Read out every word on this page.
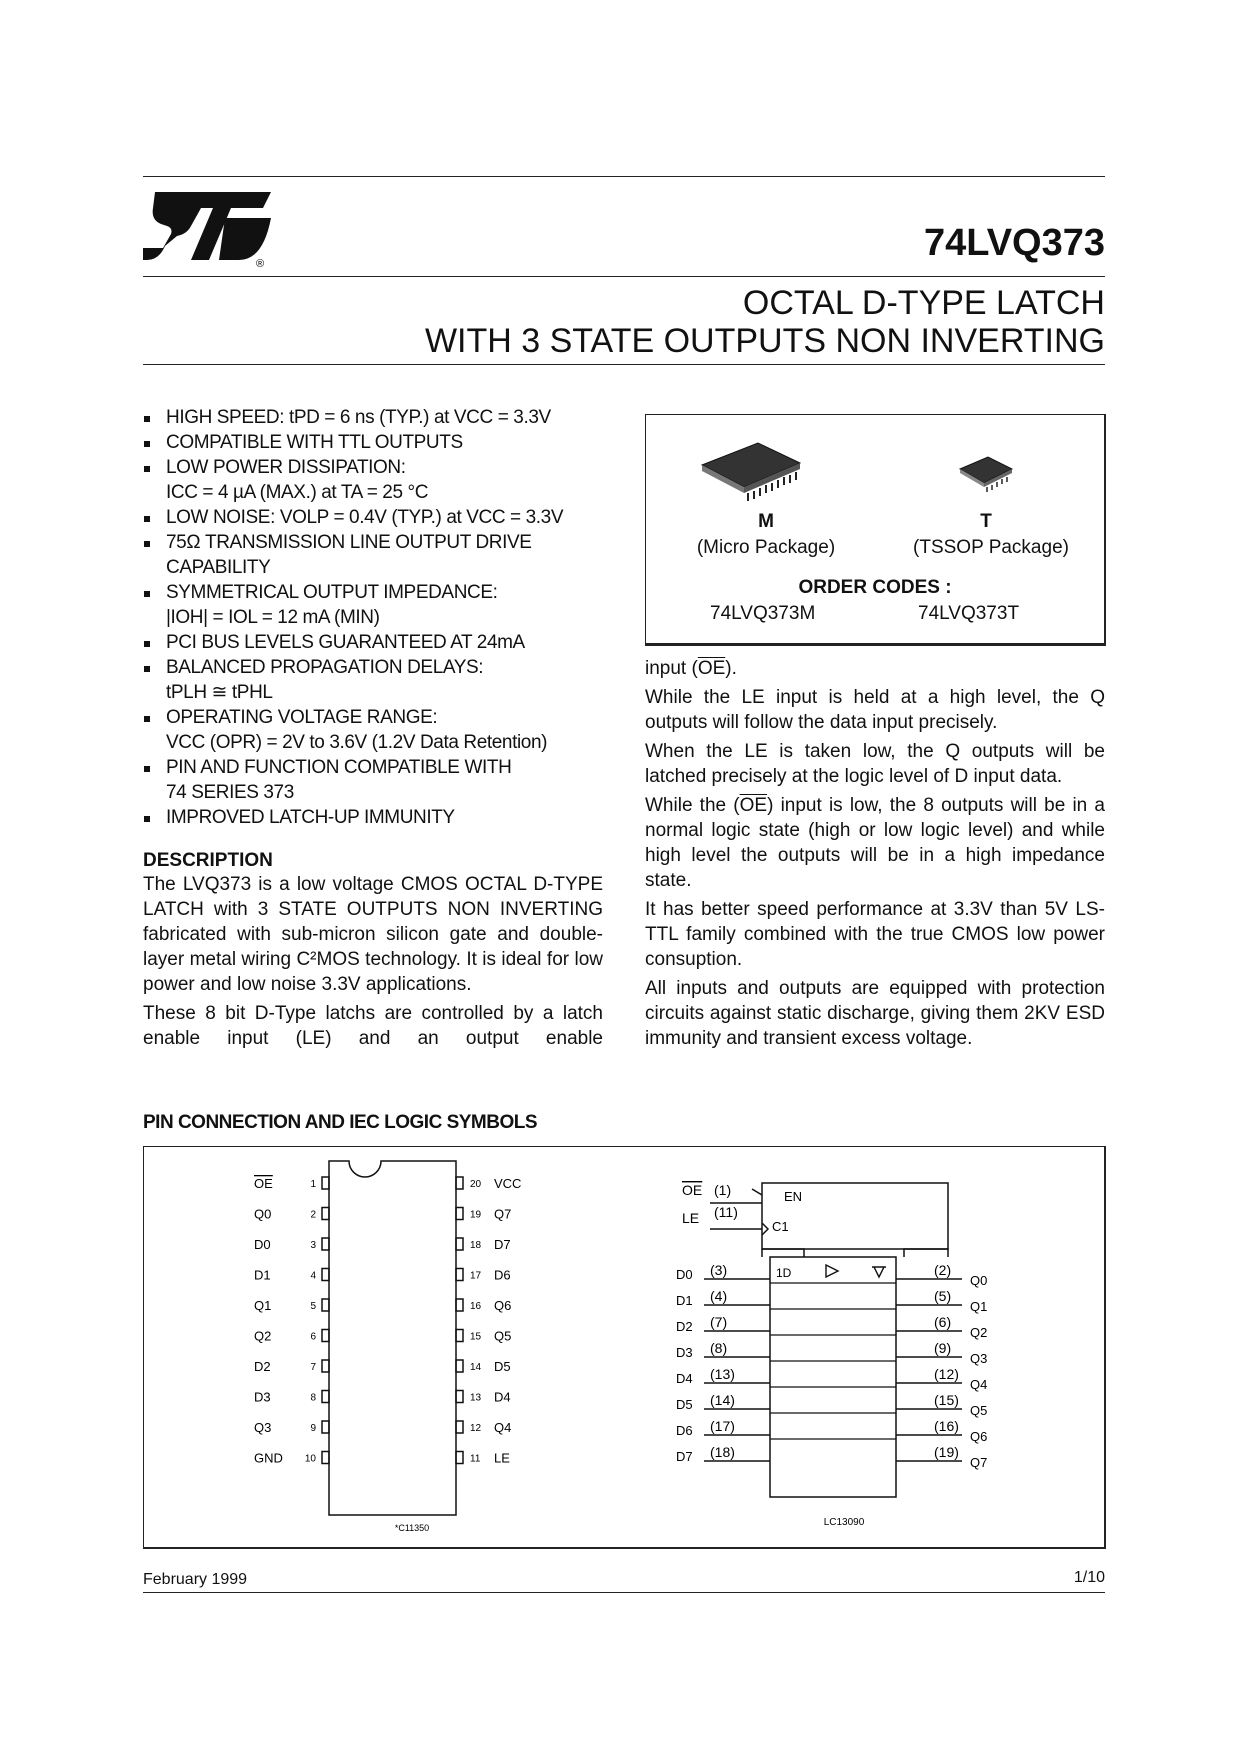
®	74LVQ373
OCTAL D-TYPE LATCH
WITH 3 STATE OUTPUTS NON INVERTING
HIGH SPEED: tPD = 6 ns (TYP.) at VCC = 3.3V
COMPATIBLE WITH TTL OUTPUTS
LOW POWER DISSIPATION:
ICC = 4 µA (MAX.) at TA = 25 °C
LOW NOISE: VOLP = 0.4V (TYP.) at VCC = 3.3V
75Ω TRANSMISSION LINE OUTPUT DRIVE
CAPABILITY
SYMMETRICAL OUTPUT IMPEDANCE:
|IOH| = IOL = 12 mA (MIN)
PCI BUS LEVELS GUARANTEED AT 24mA
BALANCED PROPAGATION DELAYS:
tPLH ≅ tPHL
OPERATING VOLTAGE RANGE:
VCC (OPR) = 2V to 3.6V (1.2V Data Retention)
PIN AND FUNCTION COMPATIBLE WITH
74 SERIES 373
IMPROVED LATCH-UP IMMUNITY
M
(Micro Package)
T
(TSSOP Package)
ORDER CODES :
74LVQ373M	74LVQ373T
DESCRIPTION

The LVQ373 is a low voltage CMOS OCTAL D-TYPE LATCH with 3 STATE OUTPUTS NON INVERTING fabricated with sub-micron silicon gate and double-layer metal wiring C²MOS technology. It is ideal for low power and low noise 3.3V applications.

These 8 bit D-Type latchs are controlled by a latch enable input (LE) and an output enable

input $(\overline{OE})$.

While the LE input is held at a high level, the Q outputs will follow the data input precisely.

When the LE is taken low, the Q outputs will be latched precisely at the logic level of D input data.

While the $(\overline{OE})$ input is low, the 8 outputs will be in a normal logic state (high or low logic level) and while high level the outputs will be in a high impedance state.

It has better speed performance at 3.3V than 5V LS-TTL family combined with the true CMOS low power consuption.

All inputs and outputs are equipped with protection circuits against static discharge, giving them 2KV ESD immunity and transient excess voltage.

PIN CONNECTION AND IEC LOGIC SYMBOLS
1
OE
2
Q0
3
D0
4
D1
5
Q1
6
Q2
7
D2
8
D3
9
Q3
10
GND
20 VCC
19 Q7
18 D7
17 D6
16 Q6
15 Q5
14 D5
13 D4
12 Q4
11 LE
*C11350
D0 (3)	(2)
Q0
D1 (4)	(5)
Q1
D2 (7)	(6)
Q2
D3 (8)	(9)
Q3
D4 (13)	(12)
Q4
D5 (14)	(15)
Q5
D6 (17)	(16)
Q6
D7 (18)	(19)
Q7
OE (1)
LE (11)
EN
C1
1D
LC13090
February 1999	1/10
